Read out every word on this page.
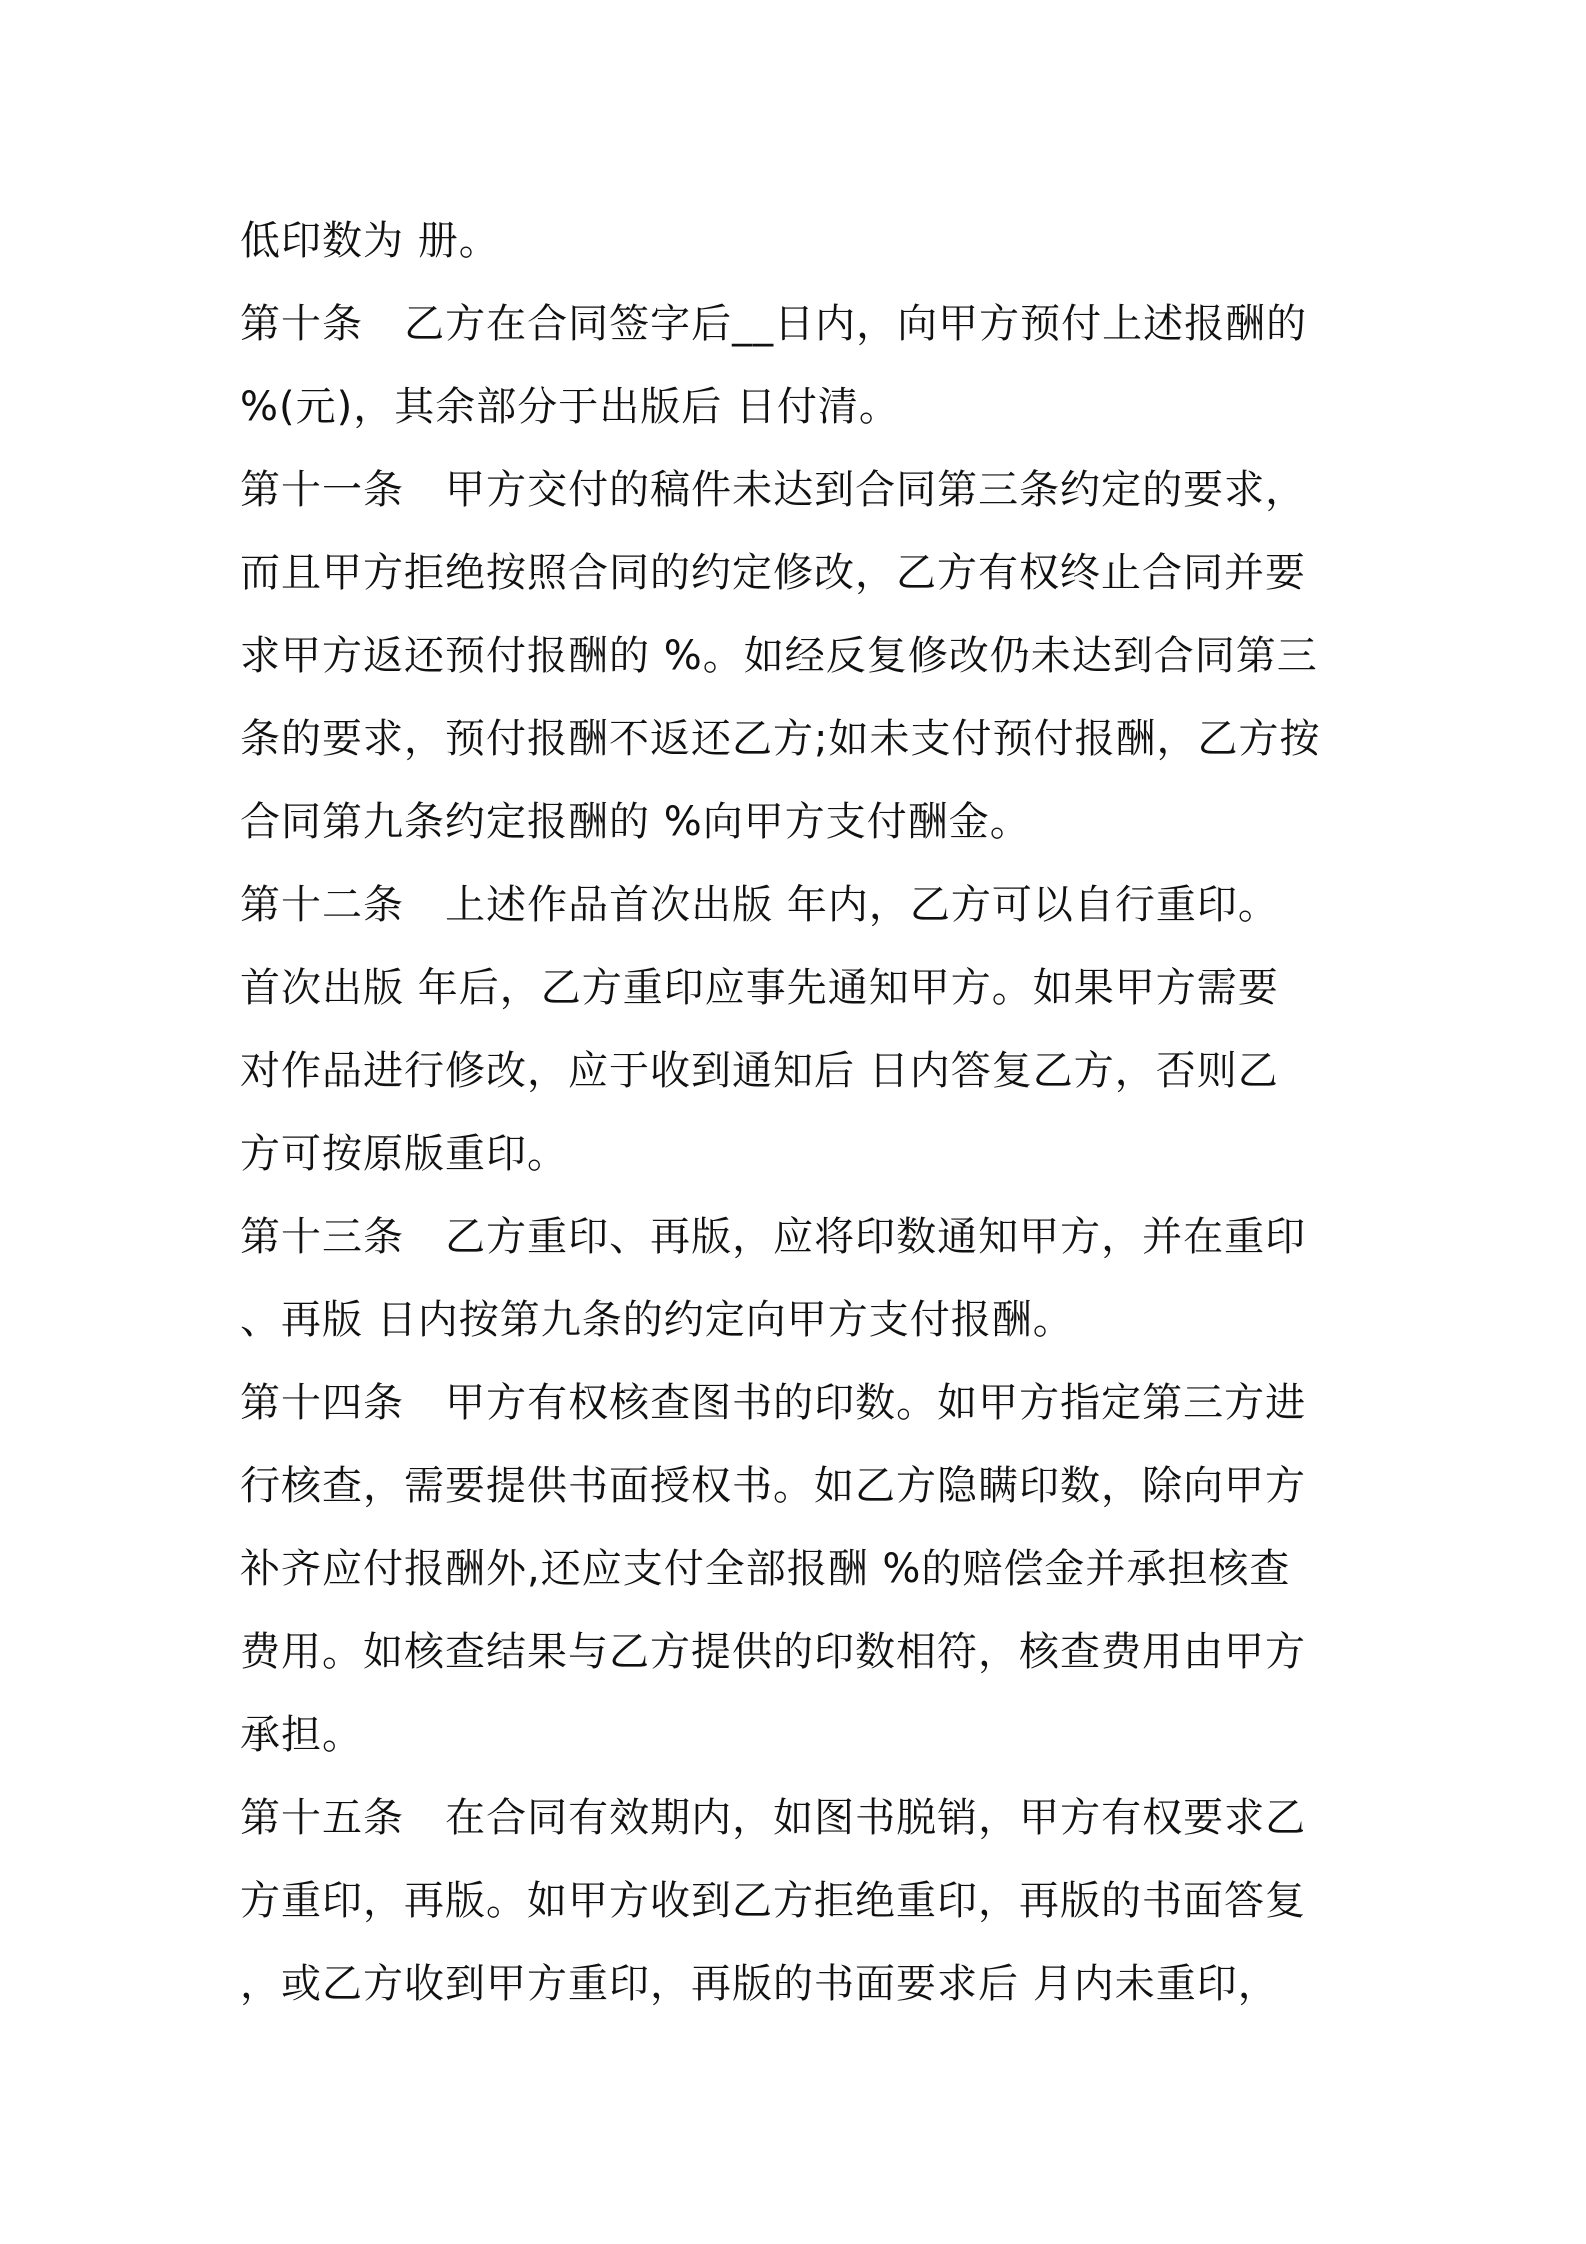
低印数为 册。
第十条   乙方在合同签字后__日内，向甲方预付上述报酬的
%(元)，其余部分于出版后 日付清。
第十一条   甲方交付的稿件未达到合同第三条约定的要求，
而且甲方拒绝按照合同的约定修改，乙方有权终止合同并要
求甲方返还预付报酬的 %。如经反复修改仍未达到合同第三
条的要求，预付报酬不返还乙方;如未支付预付报酬，乙方按
合同第九条约定报酬的 %向甲方支付酬金。
第十二条   上述作品首次出版 年内，乙方可以自行重印。
首次出版 年后，乙方重印应事先通知甲方。如果甲方需要
对作品进行修改，应于收到通知后 日内答复乙方，否则乙
方可按原版重印。
第十三条   乙方重印、再版，应将印数通知甲方，并在重印
、再版 日内按第九条的约定向甲方支付报酬。
第十四条   甲方有权核查图书的印数。如甲方指定第三方进
行核查，需要提供书面授权书。如乙方隐瞒印数，除向甲方
补齐应付报酬外,还应支付全部报酬 %的赔偿金并承担核查
费用。如核查结果与乙方提供的印数相符，核查费用由甲方
承担。
第十五条   在合同有效期内，如图书脱销，甲方有权要求乙
方重印，再版。如甲方收到乙方拒绝重印，再版的书面答复
，或乙方收到甲方重印，再版的书面要求后 月内未重印，
